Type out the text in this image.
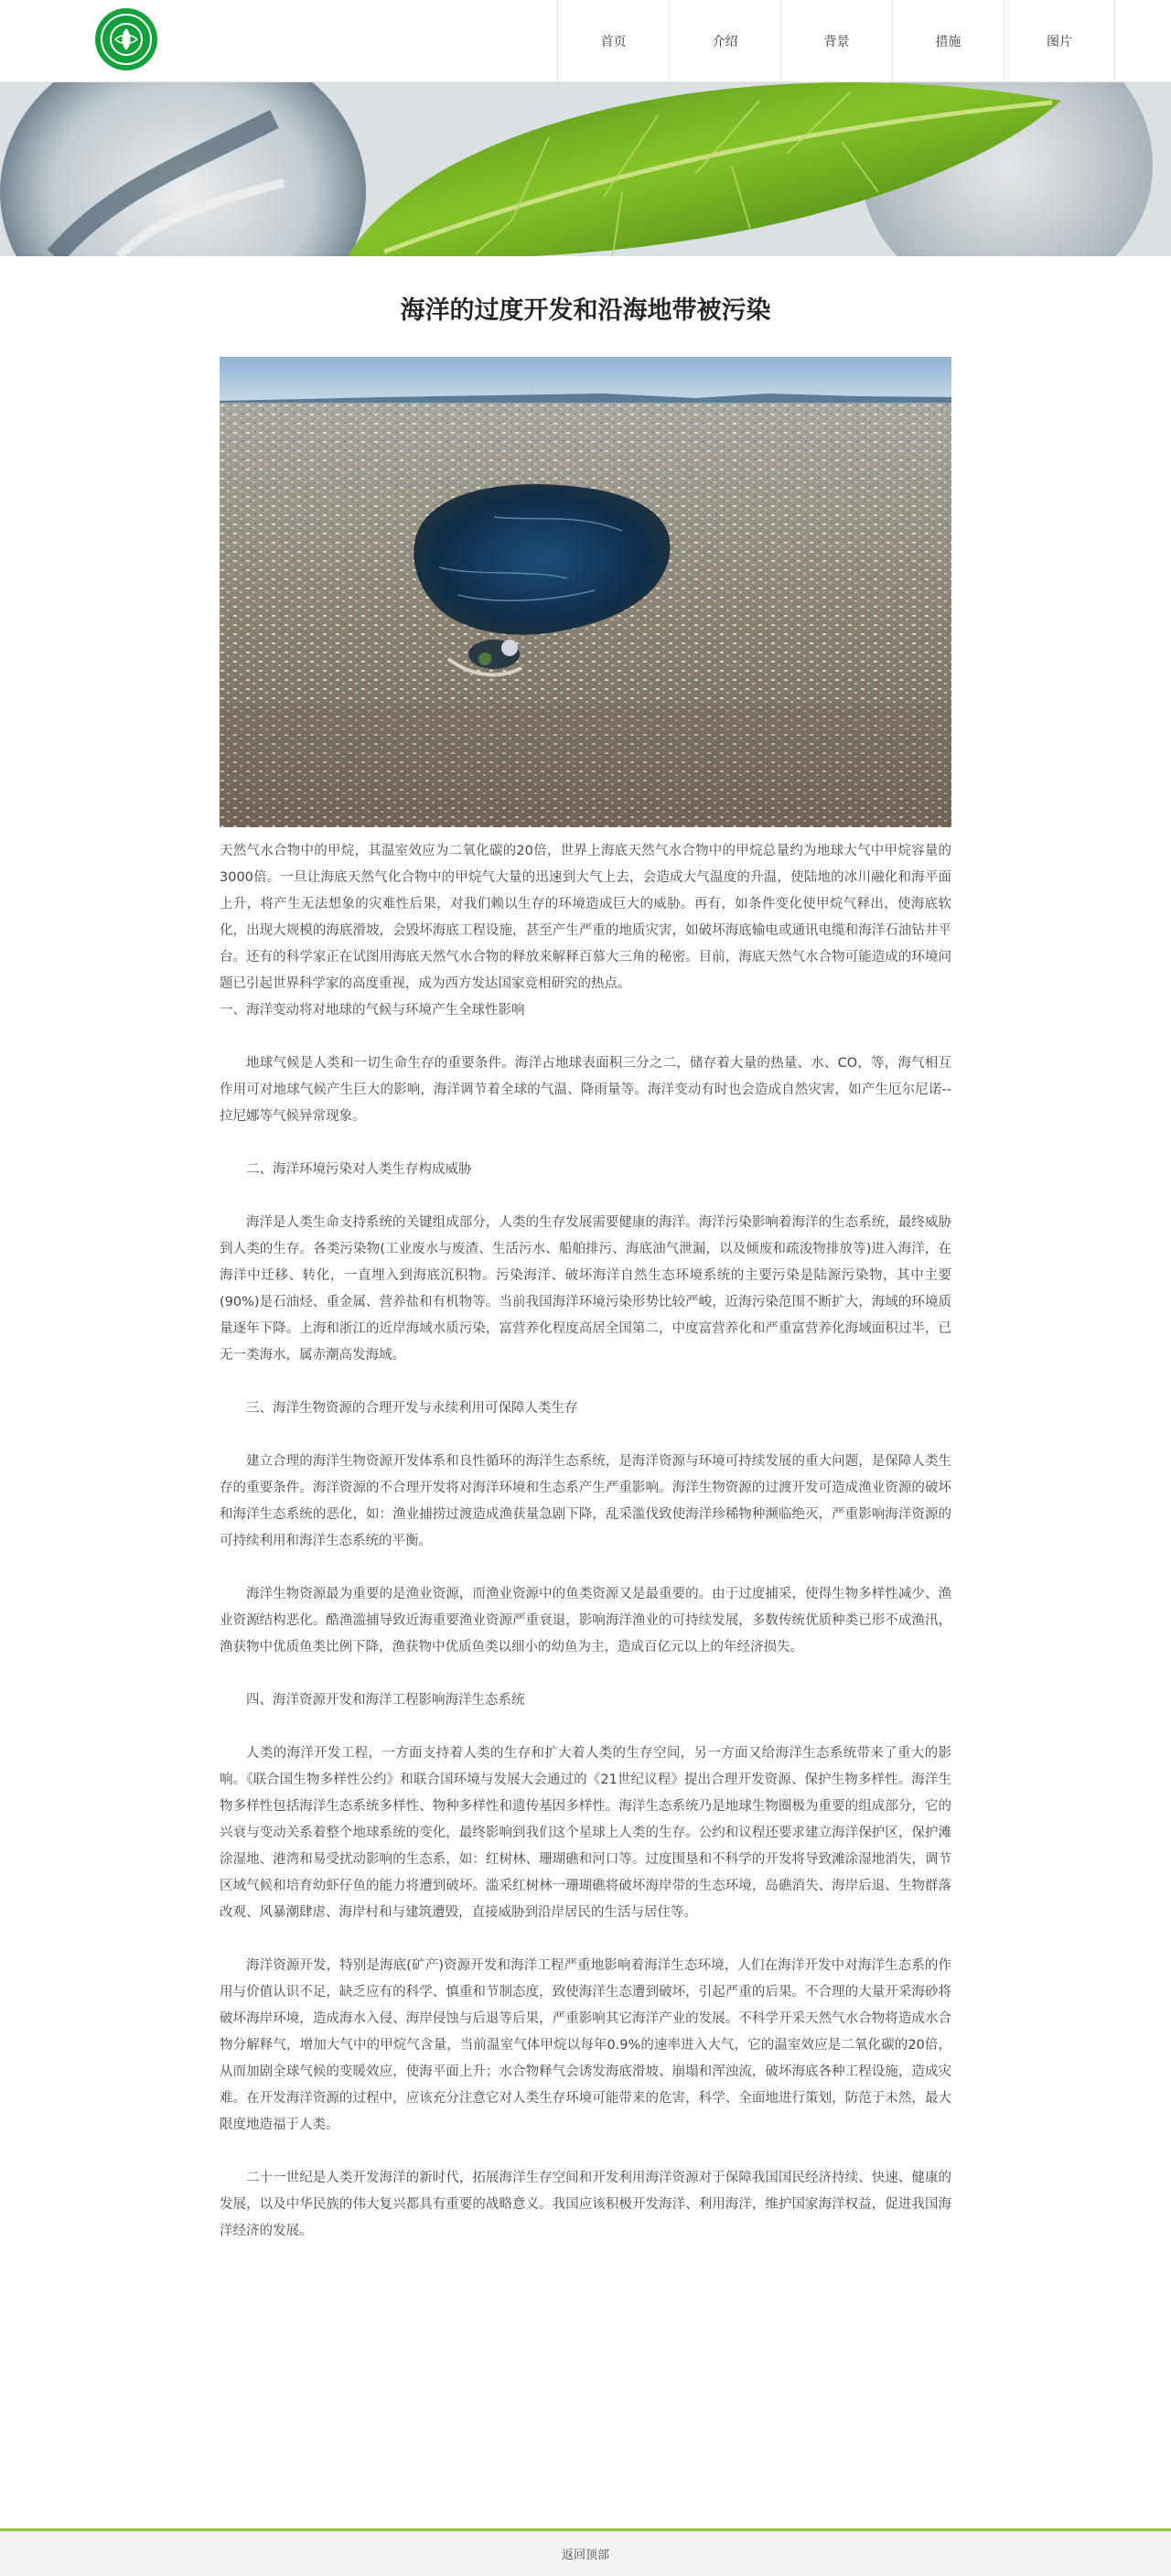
首页	介绍	背景	措施	图片
海洋的过度开发和沿海地带被污染

天然气水合物中的甲烷，其温室效应为二氧化碳的20倍，世界上海底天然气水合物中的甲烷总量约为地球大气中甲烷容量的3000倍。一旦让海底天然气化合物中的甲烷气大量的迅速到大气上去，会造成大气温度的升温，使陆地的冰川融化和海平面上升，将产生无法想象的灾难性后果，对我们赖以生存的环境造成巨大的威胁。再有，如条件变化使甲烷气释出，使海底软化，出现大规模的海底滑坡，会毁坏海底工程设施，甚至产生严重的地质灾害，如破坏海底输电或通讯电缆和海洋石油钻井平台。还有的科学家正在试图用海底天然气水合物的释放来解释百慕大三角的秘密。目前，海底天然气水合物可能造成的环境问题已引起世界科学家的高度重视，成为西方发达国家竞相研究的热点。

一、海洋变动将对地球的气候与环境产生全球性影响

地球气候是人类和一切生命生存的重要条件。海洋占地球表面积三分之二，储存着大量的热量、水、CO，等，海气相互作用可对地球气候产生巨大的影响，海洋调节着全球的气温、降雨量等。海洋变动有时也会造成自然灾害，如产生厄尔尼诺--拉尼娜等气候异常现象。

二、海洋环境污染对人类生存构成威胁

海洋是人类生命支持系统的关键组成部分，人类的生存发展需要健康的海洋。海洋污染影响着海洋的生态系统，最终威胁到人类的生存。各类污染物(工业废水与废渣、生活污水、船舶排污、海底油气泄漏，以及倾废和疏浚物排放等)进入海洋，在海洋中迁移、转化，一直埋入到海底沉积物。污染海洋、破坏海洋自然生态环境系统的主要污染是陆源污染物，其中主要(90%)是石油烃、重金属、营养盐和有机物等。当前我国海洋环境污染形势比较严峻，近海污染范围不断扩大，海域的环境质量逐年下降。上海和浙江的近岸海域水质污染，富营养化程度高居全国第二，中度富营养化和严重富营养化海域面积过半，已无一类海水，属赤潮高发海域。

三、海洋生物资源的合理开发与永续利用可保障人类生存

建立合理的海洋生物资源开发体系和良性循环的海洋生态系统，是海洋资源与环境可持续发展的重大问题，是保障人类生存的重要条件。海洋资源的不合理开发将对海洋环境和生态系产生严重影响。海洋生物资源的过渡开发可造成渔业资源的破坏和海洋生态系统的恶化，如：渔业捕捞过渡造成渔获量急剧下降，乱采滥伐致使海洋珍稀物种濒临绝灭，严重影响海洋资源的可持续利用和海洋生态系统的平衡。

海洋生物资源最为重要的是渔业资源，而渔业资源中的鱼类资源又是最重要的。由于过度捕采，使得生物多样性减少、渔业资源结构恶化。酷渔滥捕导致近海重要渔业资源严重衰退，影响海洋渔业的可持续发展，多数传统优质种类已形不成渔汛，渔获物中优质鱼类比例下降，渔获物中优质鱼类以细小的幼鱼为主，造成百亿元以上的年经济损失。

四、海洋资源开发和海洋工程影响海洋生态系统

人类的海洋开发工程，一方面支持着人类的生存和扩大着人类的生存空间，另一方面又给海洋生态系统带来了重大的影响。《联合国生物多样性公约》和联合国环境与发展大会通过的《21世纪议程》提出合理开发资源、保护生物多样性。海洋生物多样性包括海洋生态系统多样性、物种多样性和遗传基因多样性。海洋生态系统乃是地球生物圈极为重要的组成部分，它的兴衰与变动关系着整个地球系统的变化，最终影响到我们这个星球上人类的生存。公约和议程还要求建立海洋保护区，保护滩涂湿地、港湾和易受扰动影响的生态系，如：红树林、珊瑚礁和河口等。过度围垦和不科学的开发将导致滩涂湿地消失，调节区域气候和培育幼虾仔鱼的能力将遭到破坏。滥采红树林一珊瑚礁将破坏海岸带的生态环境，岛礁消失、海岸后退、生物群落改观、风暴潮肆虐、海岸村和与建筑遭毁，直接威胁到沿岸居民的生活与居住等。

海洋资源开发，特别是海底(矿产)资源开发和海洋工程严重地影响着海洋生态环境，人们在海洋开发中对海洋生态系的作用与价值认识不足，缺乏应有的科学、慎重和节制态度，致使海洋生态遭到破坏，引起严重的后果。不合理的大量开采海砂将破坏海岸环境，造成海水入侵、海岸侵蚀与后退等后果，严重影响其它海洋产业的发展。不科学开采天然气水合物将造成水合物分解释气，增加大气中的甲烷气含量，当前温室气体甲烷以每年0.9%的速率进入大气，它的温室效应是二氧化碳的20倍，从而加剧全球气候的变暖效应，使海平面上升；水合物释气会诱发海底滑坡、崩塌和浑浊流，破坏海底各种工程设施，造成灾难。在开发海洋资源的过程中，应该充分注意它对人类生存环境可能带来的危害，科学、全面地进行策划，防范于未然，最大限度地造福于人类。

二十一世纪是人类开发海洋的新时代，拓展海洋生存空间和开发利用海洋资源对于保障我国国民经济持续、快速、健康的发展，以及中华民族的伟大复兴都具有重要的战略意义。我国应该积极开发海洋、利用海洋，维护国家海洋权益，促进我国海洋经济的发展。

返回顶部
